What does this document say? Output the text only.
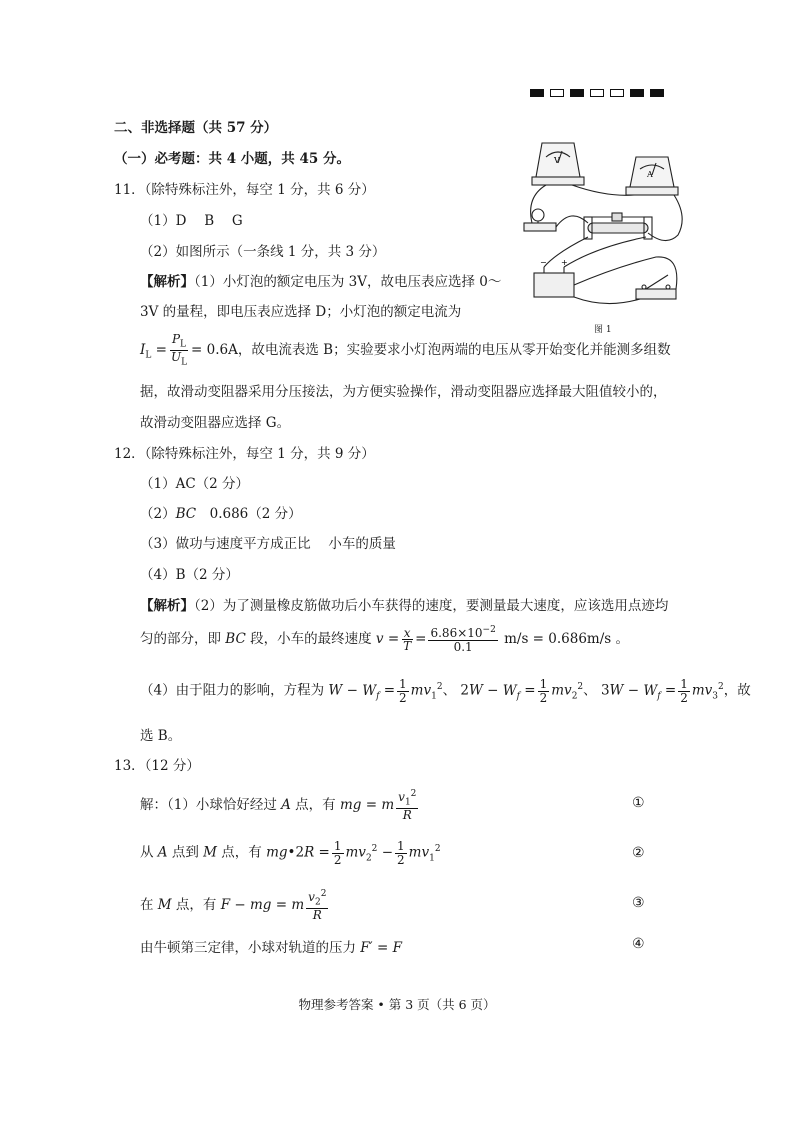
二、非选择题（共 57 分）
（一）必考题：共 4 小题，共 45 分。
11．（除特殊标注外，每空 1 分，共 6 分）
（1）D　 B　 G
（2）如图所示（一条线 1 分，共 3 分）
【解析】（1）小灯泡的额定电压为 3V，故电压表应选择 0～
3V 的量程，即电压表应选择 D；小灯泡的额定电流为
$I_L = \frac{P_L}{U_L} = 0.6A$，故电流表选 B；实验要求小灯泡两端的电压从零开始变化并能测多组数
据，故滑动变阻器采用分压接法，为方便实验操作，滑动变阻器应选择最大阻值较小的，
故滑动变阻器应选择 G。
V
A
− +
图 1
12．（除特殊标注外，每空 1 分，共 9 分）
（1）AC（2 分）
（2）BC　0.686（2 分）
（3）做功与速度平方成正比　 小车的质量
（4）B（2 分）
【解析】（2）为了测量橡皮筋做功后小车获得的速度，要测量最大速度，应该选用点迹均
匀的部分，即 BC 段，小车的最终速度 $v = \frac{x}{T} = \frac{6.86\times 10^{-2}}{0.1} m/s = 0.686m/s$ 。
（4）由于阻力的影响，方程为 $W - W_f = \frac{1}{2} mv_1^2$、 $2W - W_f = \frac{1}{2} mv_2^2$、 $3W - W_f = \frac{1}{2} mv_3^2$，故
选 B。
13．（12 分）
解：（1）小球恰好经过 A 点，有 mg = m $\frac{v_1^2}{R}$	①
从 A 点到 M 点，有 mg•2R = $\frac{1}{2} mv_2^2 - \frac{1}{2} mv_1^2$	②
在 M 点，有 F − mg = m $\frac{v_2^2}{R}$	③
由牛顿第三定律，小球对轨道的压力 F′ = F	④
物理参考答案 • 第 3 页（共 6 页）
